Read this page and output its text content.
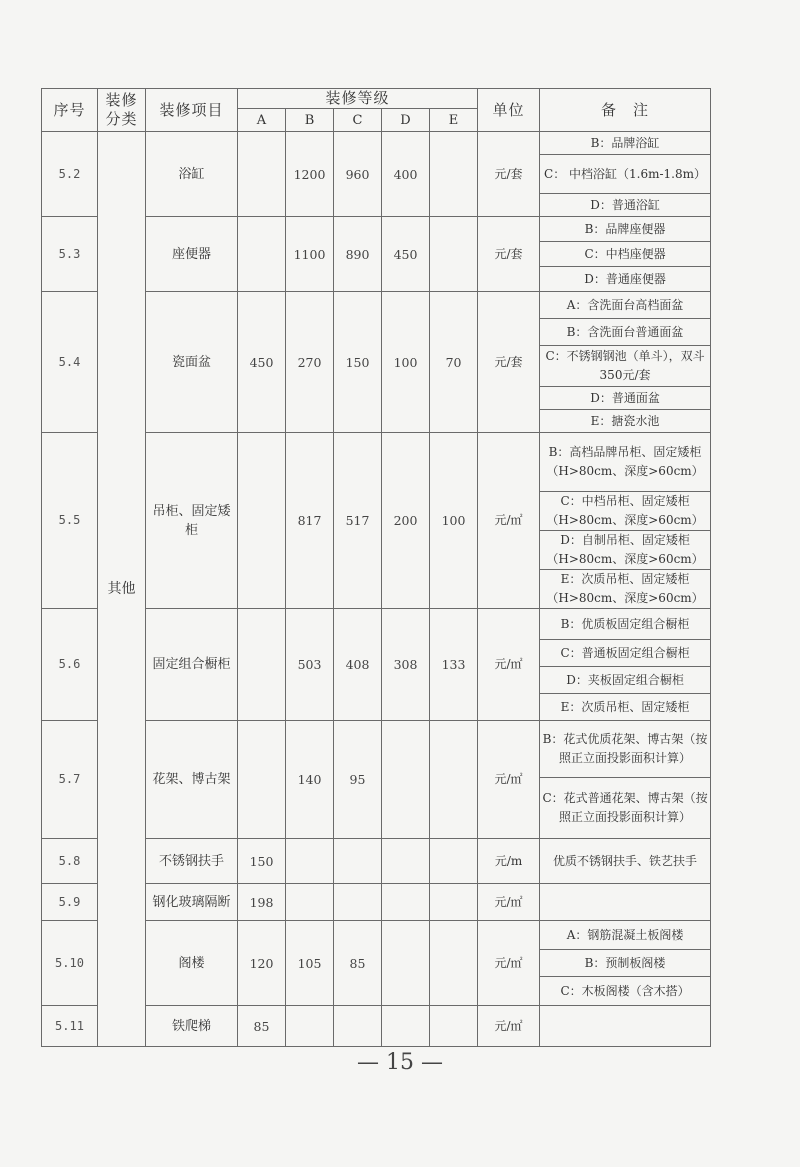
序号	装修分类	装修项目	装修等级					单位	备　注
			A	B	C	D	E		
5.2	其他	浴缸		1200	960	400		元/套	B：品牌浴缸
									C： 中档浴缸（1.6m-1.8m）
									D：普通浴缸
5.3		座便器		1100	890	450		元/套	B：品牌座便器
									C：中档座便器
									D：普通座便器
5.4		瓷面盆	450	270	150	100	70	元/套	A：含洗面台高档面盆
									B：含洗面台普通面盆
									C：不锈钢钢池（单斗），双斗350元/套
									D：普通面盆
									E：搪瓷水池
5.5		吊柜、固定矮柜		817	517	200	100	元/㎡	B：高档品牌吊柜、固定矮柜（H>80cm、深度>60cm）
									C：中档吊柜、固定矮柜（H>80cm、深度>60cm）
									D：自制吊柜、固定矮柜（H>80cm、深度>60cm）
									E：次质吊柜、固定矮柜（H>80cm、深度>60cm）
5.6		固定组合橱柜		503	408	308	133	元/㎡	B：优质板固定组合橱柜
									C：普通板固定组合橱柜
									D：夹板固定组合橱柜
									E：次质吊柜、固定矮柜
5.7		花架、博古架		140	95			元/㎡	B：花式优质花架、博古架（按照正立面投影面积计算）
									C：花式普通花架、博古架（按照正立面投影面积计算）
5.8		不锈钢扶手	150					元/m	优质不锈钢扶手、铁艺扶手
5.9		钢化玻璃隔断	198					元/㎡	
5.10		阁楼	120	105	85			元/㎡	A：钢筋混凝土板阁楼
									B：预制板阁楼
									C：木板阁楼（含木搭）
5.11		铁爬梯	85					元/㎡	
— 15 —
